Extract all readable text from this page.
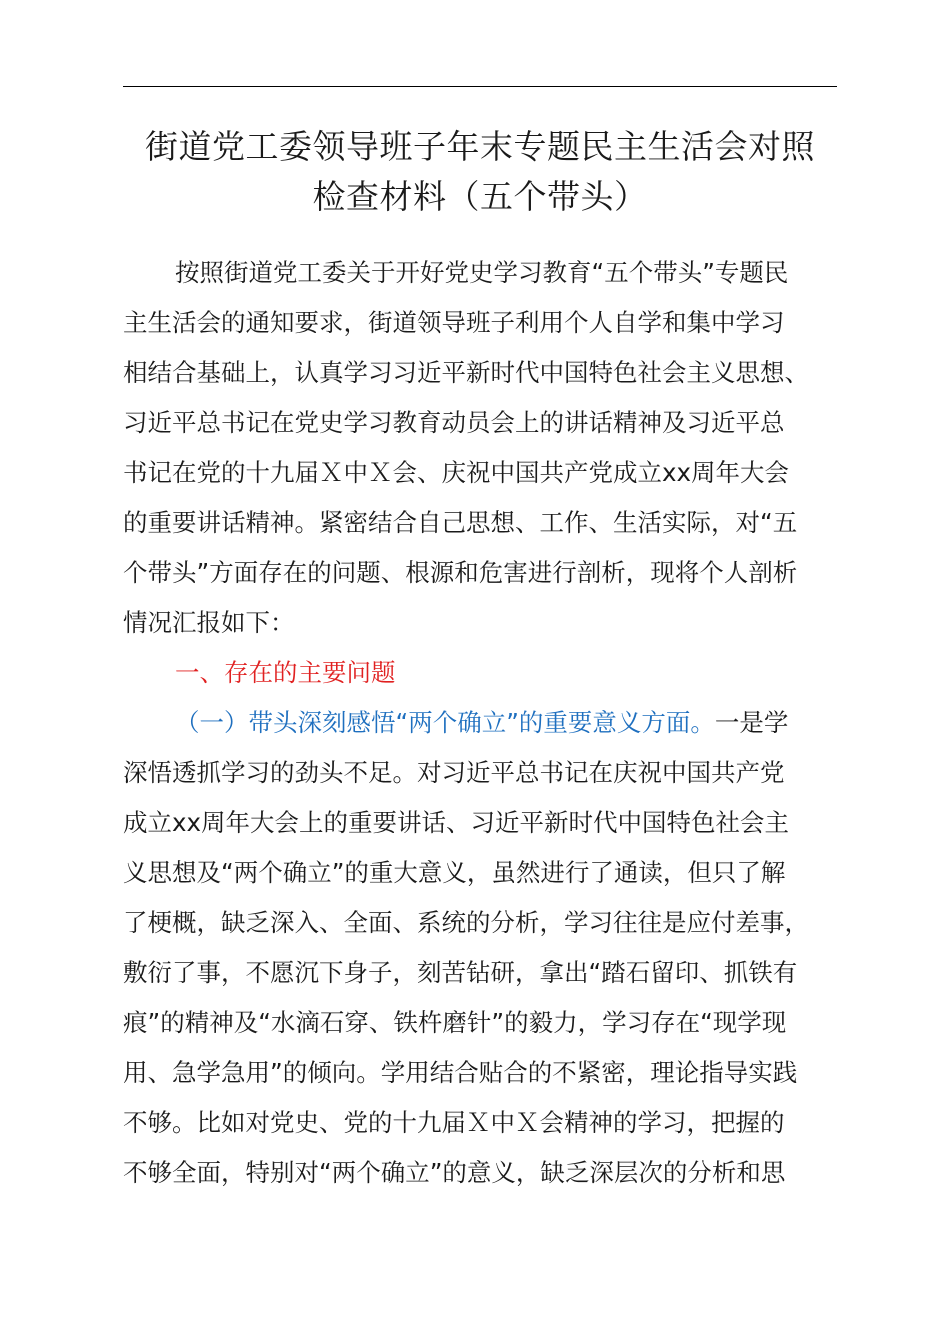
街道党工委领导班子年末专题民主生活会对照
检查材料（五个带头）
按照街道党工委关于开好党史学习教育“五个带头”专题民
主生活会的通知要求，街道领导班子利用个人自学和集中学习
相结合基础上，认真学习习近平新时代中国特色社会主义思想、
习近平总书记在党史学习教育动员会上的讲话精神及习近平总
书记在党的十九届Ｘ中Ｘ会、庆祝中国共产党成立xx周年大会
的重要讲话精神。紧密结合自己思想、工作、生活实际，对“五
个带头”方面存在的问题、根源和危害进行剖析，现将个人剖析
情况汇报如下：
一、存在的主要问题
（一）带头深刻感悟“两个确立”的重要意义方面。一是学
深悟透抓学习的劲头不足。对习近平总书记在庆祝中国共产党
成立xx周年大会上的重要讲话、习近平新时代中国特色社会主
义思想及“两个确立”的重大意义，虽然进行了通读，但只了解
了梗概，缺乏深入、全面、系统的分析，学习往往是应付差事，
敷衍了事，不愿沉下身子，刻苦钻研，拿出“踏石留印、抓铁有
痕”的精神及“水滴石穿、铁杵磨针”的毅力，学习存在“现学现
用、急学急用”的倾向。学用结合贴合的不紧密，理论指导实践
不够。比如对党史、党的十九届Ｘ中Ｘ会精神的学习，把握的
不够全面，特别对“两个确立”的意义，缺乏深层次的分析和思
